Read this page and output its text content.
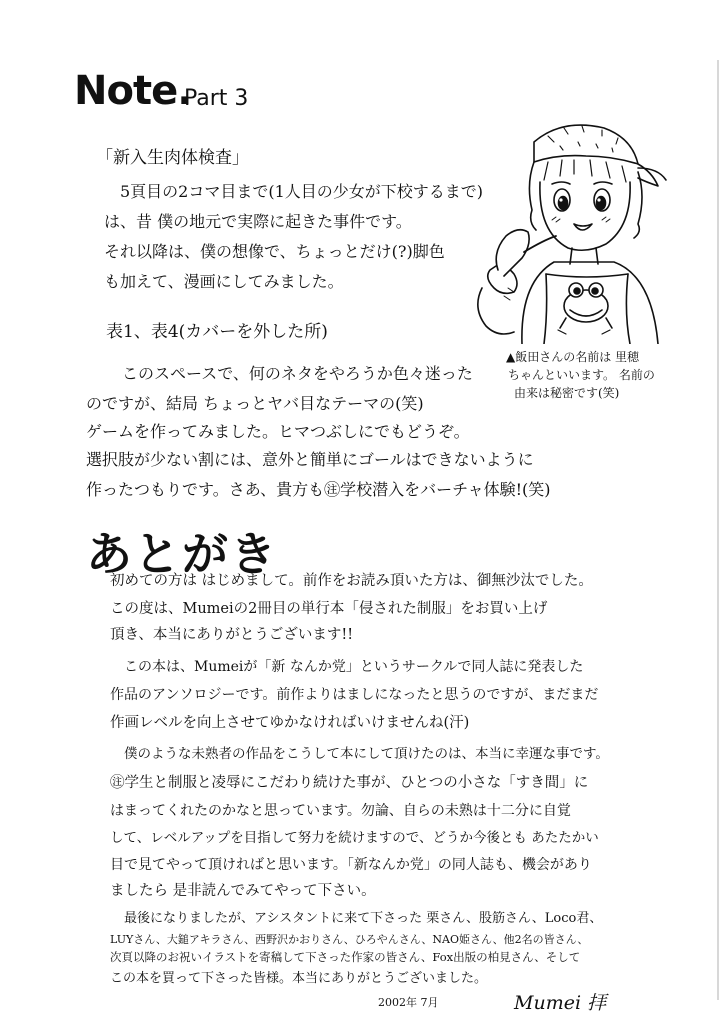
Note.
Part 3
「新入生肉体検査」
5頁目の2コマ目まで(1人目の少女が下校するまで)
は、昔 僕の地元で実際に起きた事件です。
それ以降は、僕の想像で、ちょっとだけ(?)脚色
も加えて、漫画にしてみました。
表1、表4(カバーを外した所)
このスペースで、何のネタをやろうか色々迷った
のですが、結局 ちょっとヤバ目なテーマの(笑)
ゲームを作ってみました。ヒマつぶしにでもどうぞ。
選択肢が少ない割には、意外と簡単にゴールはできないように
作ったつもりです。さあ、貴方も㊟学校潜入をバーチャ体験!(笑)
▲飯田さんの名前は 里穂
ちゃんといいます。 名前の
由来は秘密です(笑)
あとがき
初めての方は はじめまして。前作をお読み頂いた方は、御無沙汰でした。
この度は、Mumeiの2冊目の単行本「侵された制服」をお買い上げ
頂き、本当にありがとうございます!!
この本は、Mumeiが「新 なんか党」というサークルで同人誌に発表した
作品のアンソロジーです。前作よりはましになったと思うのですが、まだまだ
作画レベルを向上させてゆかなければいけませんね(汗)
僕のような未熟者の作品をこうして本にして頂けたのは、本当に幸運な事です。
㊟学生と制服と凌辱にこだわり続けた事が、ひとつの小さな「すき間」に
はまってくれたのかなと思っています。勿論、自らの未熟は十二分に自覚
して、レベルアップを目指して努力を続けますので、どうか今後とも あたたかい
目で見てやって頂ければと思います。「新なんか党」の同人誌も、機会があり
ましたら 是非読んでみてやって下さい。
最後になりましたが、アシスタントに来て下さった 栗さん、股筋さん、Loco君、
LUYさん、大鎚アキラさん、西野沢かおりさん、ひろやんさん、NAO姫さん、他2名の皆さん、
次頁以降のお祝いイラストを寄稿して下さった作家の皆さん、Fox出版の柏見さん、そして
この本を買って下さった皆様。本当にありがとうございました。
2002年 7月	Mumei 拝
